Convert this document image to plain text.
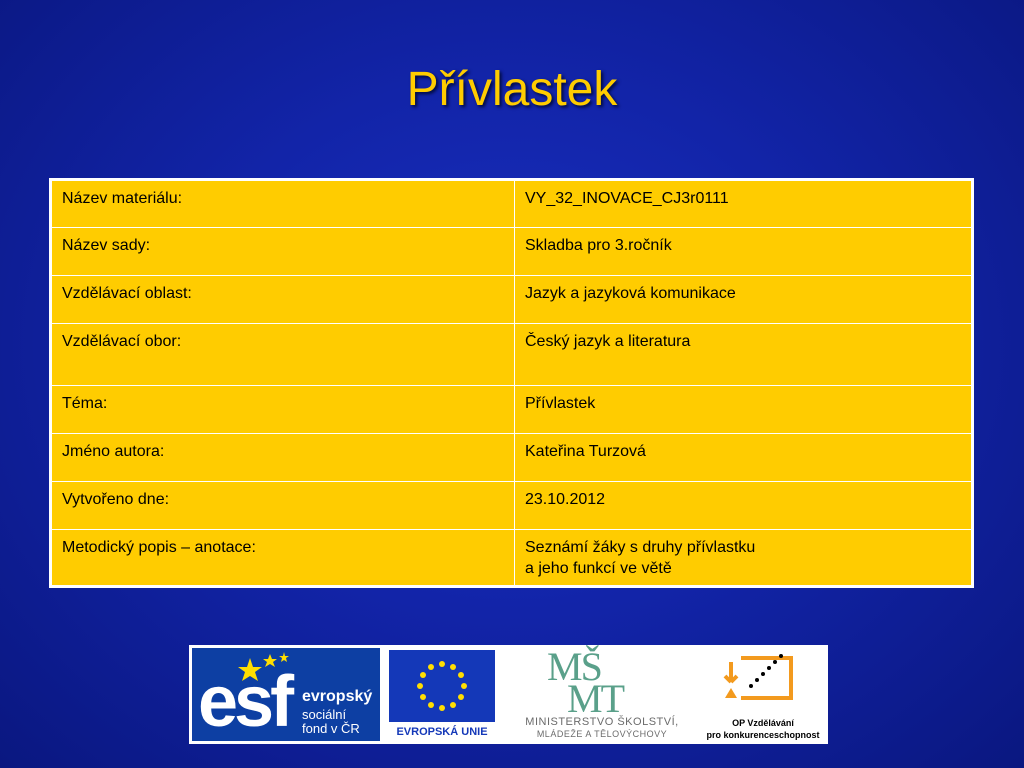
Přívlastek
Název materiálu:	VY_32_INOVACE_CJ3r0111
Název sady:	Skladba pro 3.ročník
Vzdělávací oblast:	Jazyk a jazyková komunikace
Vzdělávací obor:	Český jazyk a literatura
Téma:	Přívlastek
Jméno autora:	Kateřina Turzová
Vytvořeno dne:	23.10.2012
Metodický popis – anotace:	Seznámí žáky s druhy přívlastku
a jeho funkcí ve větě
esf evropský
sociální
fond v ČR	EVROPSKÁ UNIE
MŠ
MT
MINISTERSTVO ŠKOLSTVÍ,
MLÁDEŽE A TĚLOVÝCHOVY
OP Vzdělávání
pro konkurenceschopnost
